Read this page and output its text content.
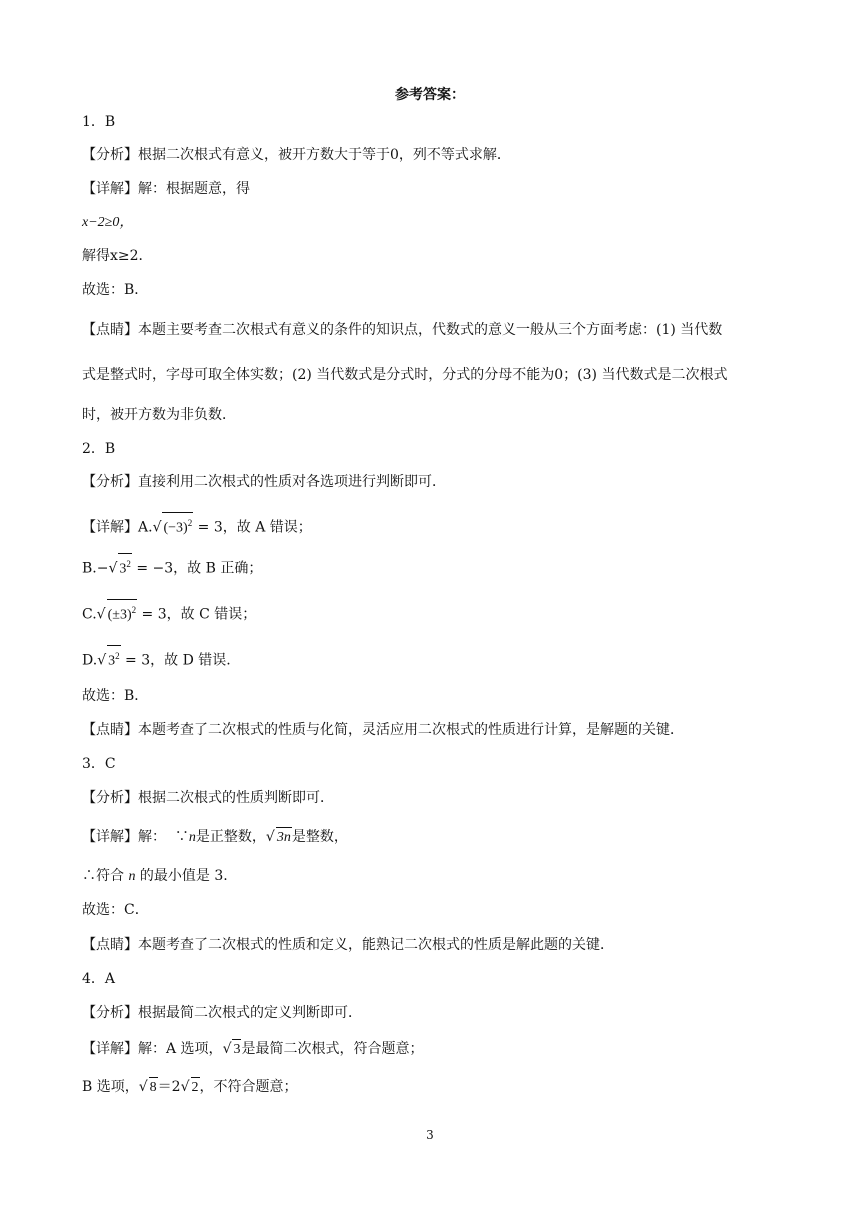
参考答案：
1．B
【分析】根据二次根式有意义，被开方数大于等于0，列不等式求解．
【详解】解：根据题意，得
x−2≥0，
解得x≥2．
故选：B．
【点睛】本题主要考查二次根式有意义的条件的知识点，代数式的意义一般从三个方面考虑：(1) 当代数
式是整式时，字母可取全体实数；(2) 当代数式是分式时，分式的分母不能为0；(3) 当代数式是二次根式
时，被开方数为非负数．
2．B
【分析】直接利用二次根式的性质对各选项进行判断即可．
【详解】A.√ $(-3)^2 = 3$，故 A 错误；
B.−√ $3^2 = -3$，故 B 正确；
C.√ $(\pm 3)^2 = 3$，故 C 错误；
D.√ $3^2 = 3$，故 D 错误.
故选：B．
【点睛】本题考查了二次根式的性质与化简，灵活应用二次根式的性质进行计算，是解题的关键．
3．C
【分析】根据二次根式的性质判断即可．
【详解】解： ∵n是正整数，√ 3n是整数，
∴符合 n 的最小值是 3.
故选：C．
【点睛】本题考查了二次根式的性质和定义，能熟记二次根式的性质是解此题的关键．
4．A
【分析】根据最简二次根式的定义判断即可．
【详解】解：A 选项，√ 3是最简二次根式，符合题意；
B 选项，√ 8＝2√ 2，不符合题意；
3
